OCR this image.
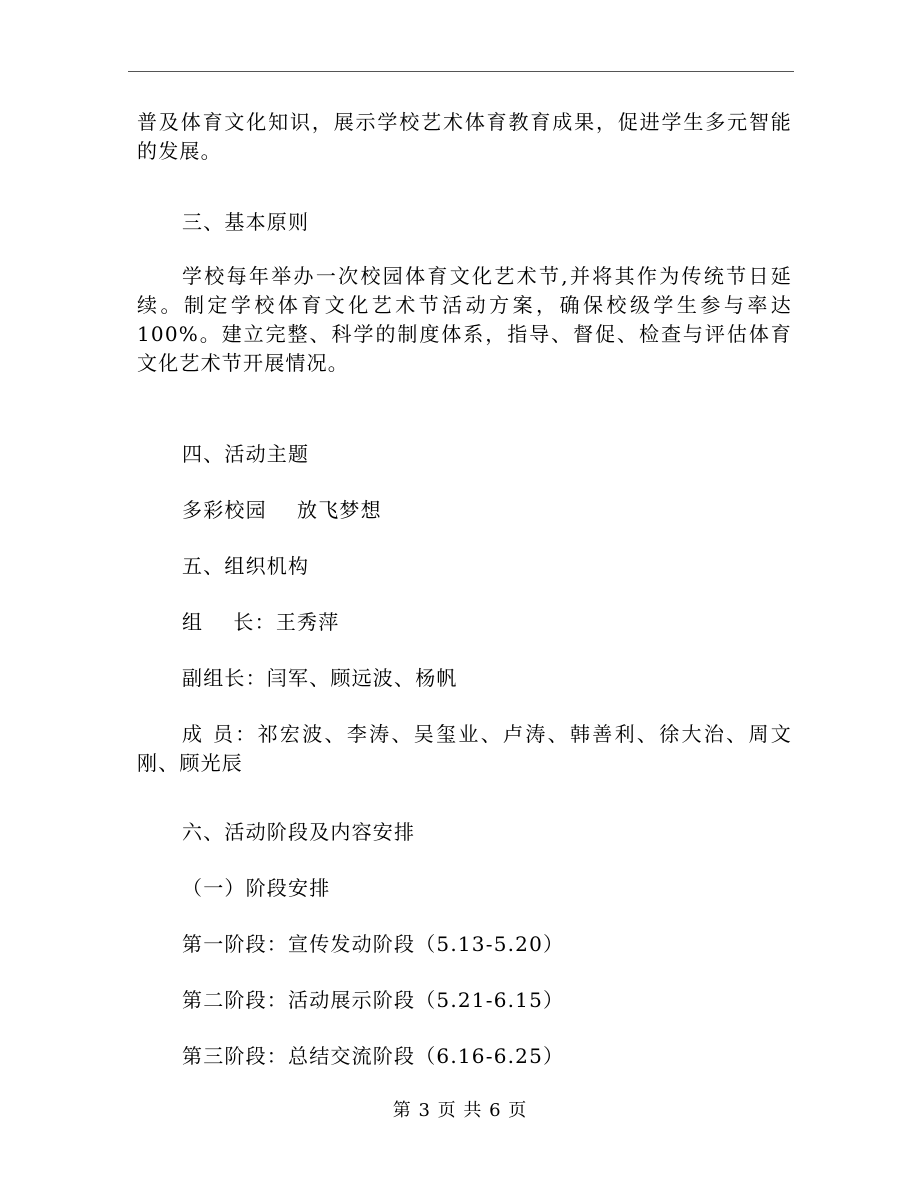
普及体育文化知识，展示学校艺术体育教育成果，促进学生多元智能的发展。

三、基本原则

学校每年举办一次校园体育文化艺术节,并将其作为传统节日延续。制定学校体育文化艺术节活动方案，确保校级学生参与率达100%。建立完整、科学的制度体系，指导、督促、检查与评估体育文化艺术节开展情况。

四、活动主题
多彩校园    放飞梦想
五、组织机构
组    长：王秀萍
副组长：闫军、顾远波、杨帆

成 员：祁宏波、李涛、吴玺业、卢涛、韩善利、徐大治、周文刚、顾光辰

六、活动阶段及内容安排
（一）阶段安排
第一阶段：宣传发动阶段（5.13-5.20）
第二阶段：活动展示阶段（5.21-6.15）
第三阶段：总结交流阶段（6.16-6.25）
第 3 页 共 6 页
